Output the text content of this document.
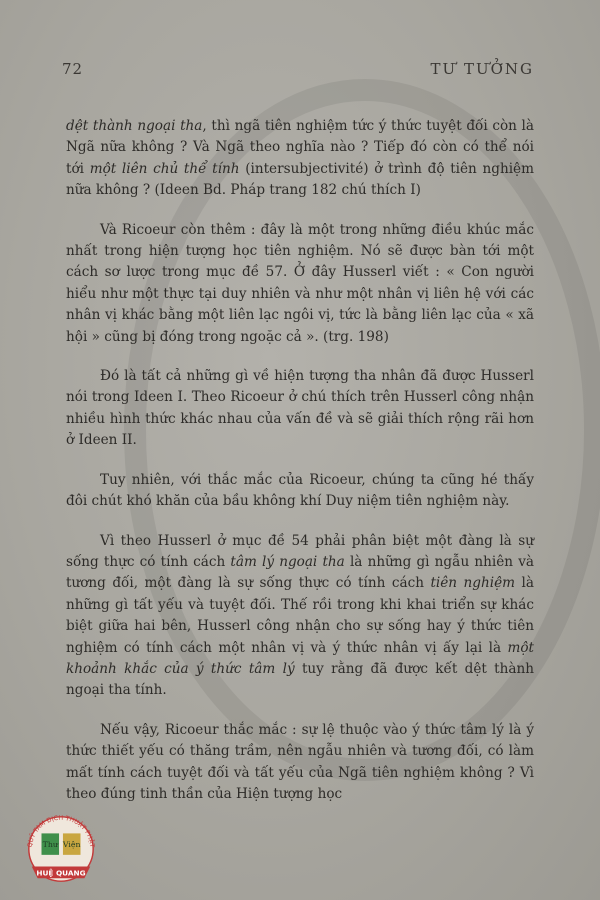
72	TƯ TƯỞNG

dệt thành ngoại tha, thì ngã tiên nghiệm tức ý thức tuyệt đối còn là Ngã nữa không ? Và Ngã theo nghĩa nào ? Tiếp đó còn có thể nói tới một liên chủ thể tính (intersubjectivité) ở trình độ tiên nghiệm nữa không ? (Ideen Bd. Pháp trang 182 chú thích I)

Và Ricoeur còn thêm : đây là một trong những điều khúc mắc nhất trong hiện tượng học tiên nghiệm. Nó sẽ được bàn tới một cách sơ lược trong mục đề 57. Ở đây Husserl viết : « Con người hiểu như một thực tại duy nhiên và như một nhân vị liên hệ với các nhân vị khác bằng một liên lạc ngôi vị, tức là bằng liên lạc của « xã hội » cũng bị đóng trong ngoặc cả ». (trg. 198)

Đó là tất cả những gì về hiện tượng tha nhân đã được Husserl nói trong Ideen I. Theo Ricoeur ở chú thích trên Husserl công nhận nhiều hình thức khác nhau của vấn đề và sẽ giải thích rộng rãi hơn ở Ideen II.

Tuy nhiên, với thắc mắc của Ricoeur, chúng ta cũng hé thấy đôi chút khó khăn của bầu không khí Duy niệm tiên nghiệm này.

Vì theo Husserl ở mục đề 54 phải phân biệt một đàng là sự sống thực có tính cách tâm lý ngoại tha là những gì ngẫu nhiên và tương đối, một đàng là sự sống thực có tính cách tiên nghiệm là những gì tất yếu và tuyệt đối. Thế rồi trong khi khai triển sự khác biệt giữa hai bên, Husserl công nhận cho sự sống hay ý thức tiên nghiệm có tính cách một nhân vị và ý thức nhân vị ấy lại là một khoảnh khắc của ý thức tâm lý tuy rằng đã được kết dệt thành ngoại tha tính.

Nếu vậy, Ricoeur thắc mắc : sự lệ thuộc vào ý thức tâm lý là ý thức thiết yếu có thăng trầm, nên ngẫu nhiên và tương đối, có làm mất tính cách tuyệt đối và tất yếu của Ngã tiên nghiệm không ? Vì theo đúng tinh thần của Hiện tượng học

QUỸ TAM ĐỊCH THUẬT PHẬT
Thư Viện
HUỆ QUANG
